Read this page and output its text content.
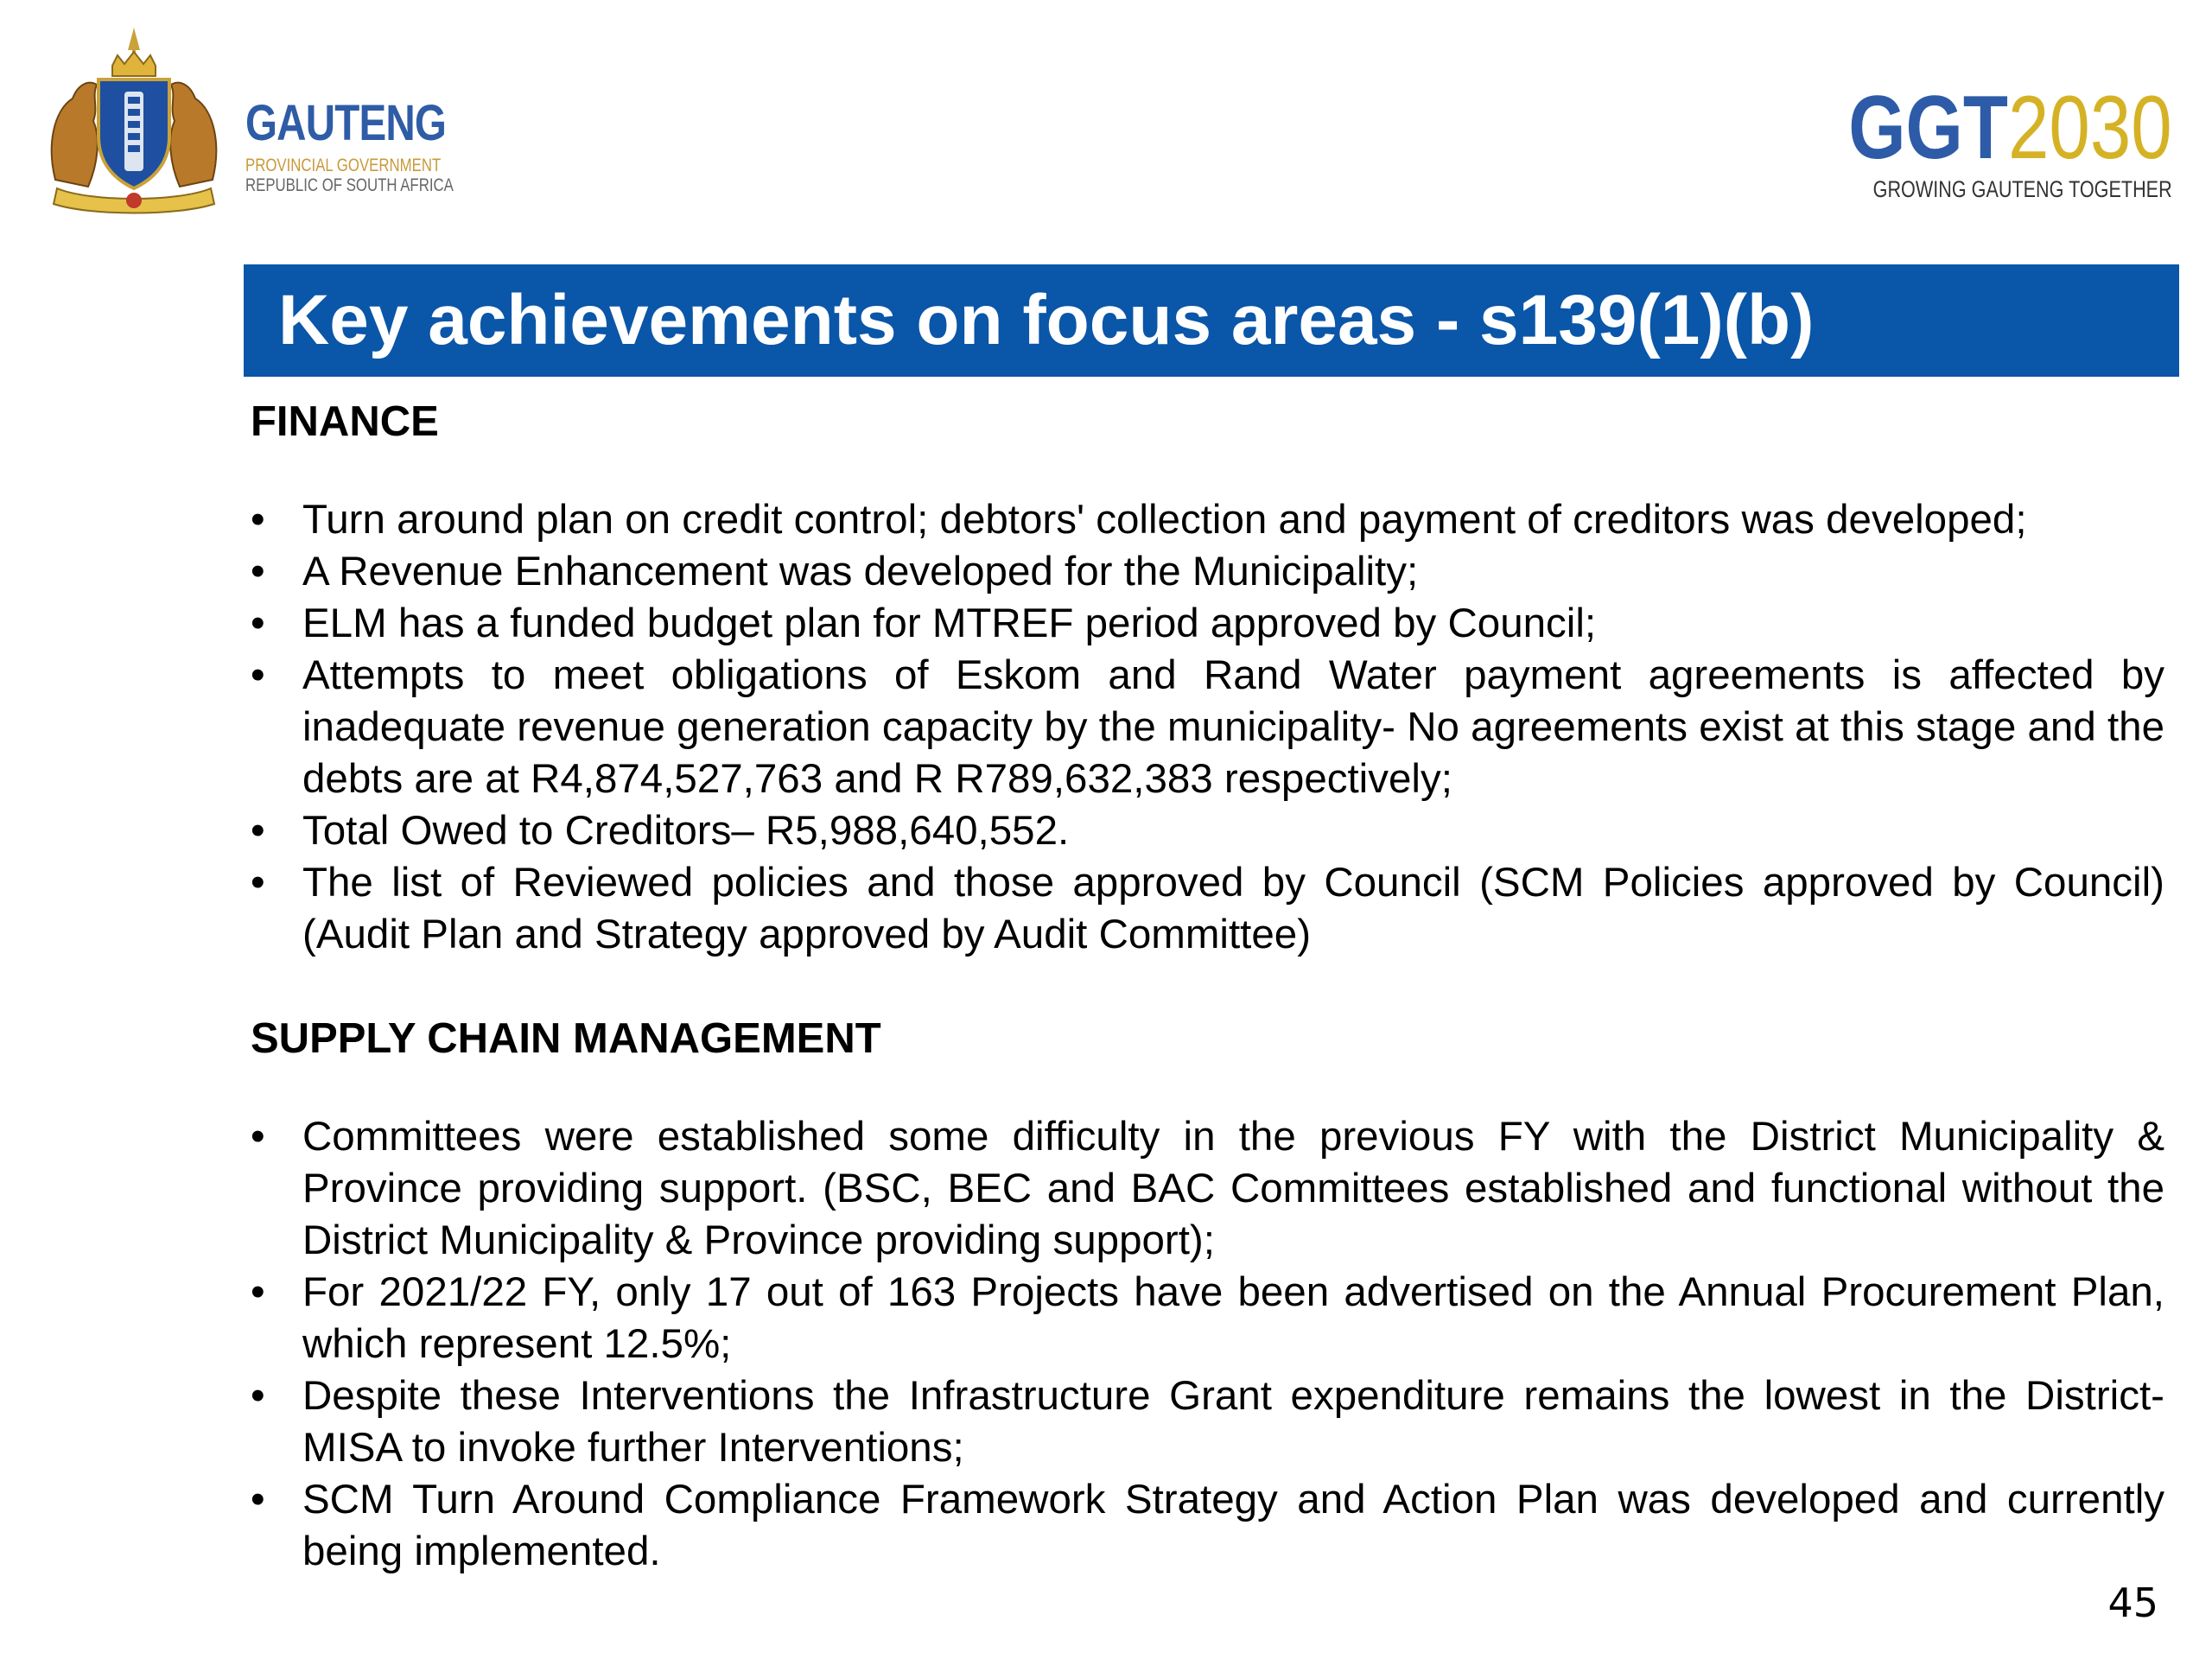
GAUTENG
PROVINCIAL GOVERNMENT
REPUBLIC OF SOUTH AFRICA
GGT2030
GROWING GAUTENG TOGETHER
Key achievements on focus areas - s139(1)(b)

FINANCE

• Turn around plan on credit control; debtors' collection and payment of creditors was developed;
• A Revenue Enhancement was developed for the Municipality;
• ELM has a funded budget plan for MTREF period approved by Council;
• Attempts to meet obligations of Eskom and Rand Water payment agreements is affected by inadequate revenue generation capacity by the municipality- No agreements exist at this stage and the debts are at R4,874,527,763 and R R789,632,383 respectively;
• Total Owed to Creditors– R5,988,640,552.
• The list of Reviewed policies and those approved by Council (SCM Policies approved by Council) (Audit Plan and Strategy approved by Audit Committee)

SUPPLY CHAIN MANAGEMENT

• Committees were established some difficulty in the previous FY with the District Municipality & Province providing support. (BSC, BEC and BAC Committees established and functional without the District Municipality & Province providing support);
• For 2021/22 FY, only 17 out of 163 Projects have been advertised on the Annual Procurement Plan, which represent 12.5%;
• Despite these Interventions the Infrastructure Grant expenditure remains the lowest in the District- MISA to invoke further Interventions;
• SCM Turn Around Compliance Framework Strategy and Action Plan was developed and currently being implemented.
45
